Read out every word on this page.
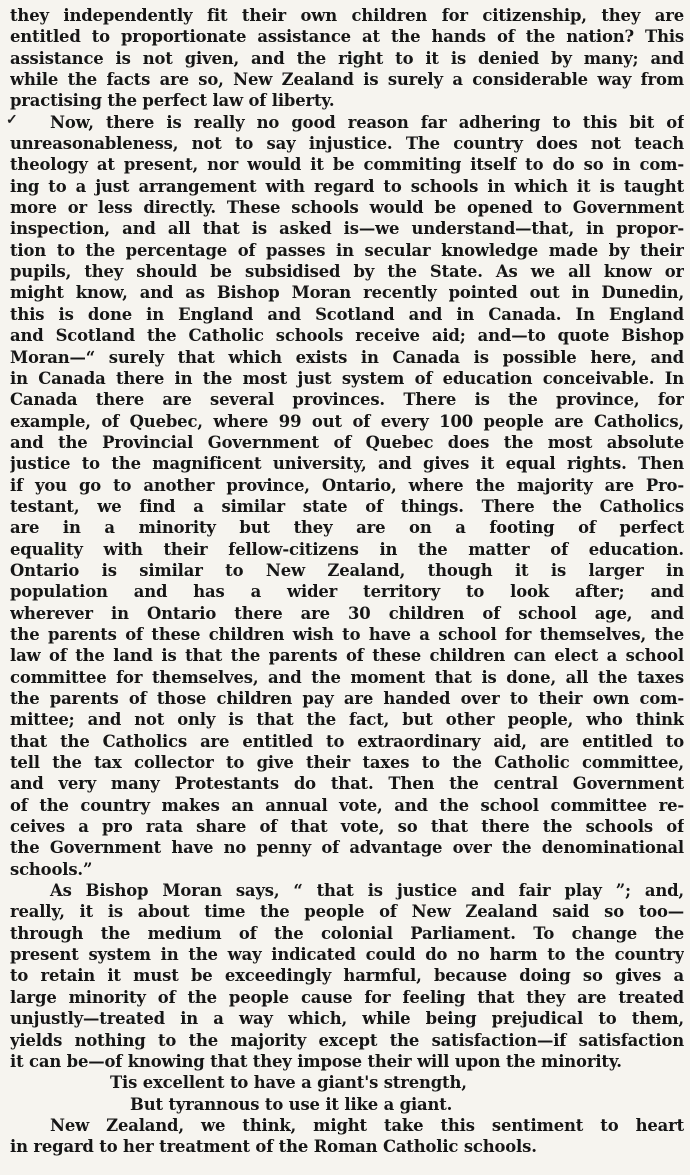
✓
they independently fit their own children for citizenship, they are
entitled to proportionate assistance at the hands of the nation? This
assistance is not given, and the right to it is denied by many; and
while the facts are so, New Zealand is surely a considerable way from
practising the perfect law of liberty.
Now, there is really no good reason far adhering to this bit of
unreasonableness, not to say injustice. The country does not teach
theology at present, nor would it be commiting itself to do so in com-
ing to a just arrangement with regard to schools in which it is taught
more or less directly. These schools would be opened to Government
inspection, and all that is asked is—we understand—that, in propor-
tion to the percentage of passes in secular knowledge made by their
pupils, they should be subsidised by the State. As we all know or
might know, and as Bishop Moran recently pointed out in Dunedin,
this is done in England and Scotland and in Canada. In England
and Scotland the Catholic schools receive aid; and—to quote Bishop
Moran—“ surely that which exists in Canada is possible here, and
in Canada there in the most just system of education conceivable. In
Canada there are several provinces. There is the province, for
example, of Quebec, where 99 out of every 100 people are Catholics,
and the Provincial Government of Quebec does the most absolute
justice to the magnificent university, and gives it equal rights. Then
if you go to another province, Ontario, where the majority are Pro-
testant, we find a similar state of things. There the Catholics
are in a minority but they are on a footing of perfect
equality with their fellow-citizens in the matter of education.
Ontario is similar to New Zealand, though it is larger in
population and has a wider territory to look after; and
wherever in Ontario there are 30 children of school age, and
the parents of these children wish to have a school for themselves, the
law of the land is that the parents of these children can elect a school
committee for themselves, and the moment that is done, all the taxes
the parents of those children pay are handed over to their own com-
mittee; and not only is that the fact, but other people, who think
that the Catholics are entitled to extraordinary aid, are entitled to
tell the tax collector to give their taxes to the Catholic committee,
and very many Protestants do that. Then the central Government
of the country makes an annual vote, and the school committee re-
ceives a pro rata share of that vote, so that there the schools of
the Government have no penny of advantage over the denominational
schools.”
As Bishop Moran says, “ that is justice and fair play ”; and,
really, it is about time the people of New Zealand said so too—
through the medium of the colonial Parliament. To change the
present system in the way indicated could do no harm to the country
to retain it must be exceedingly harmful, because doing so gives a
large minority of the people cause for feeling that they are treated
unjustly—treated in a way which, while being prejudical to them,
yields nothing to the majority except the satisfaction—if satisfaction
it can be—of knowing that they impose their will upon the minority.
Tis excellent to have a giant's strength,
But tyrannous to use it like a giant.
New Zealand, we think, might take this sentiment to heart
in regard to her treatment of the Roman Catholic schools.
